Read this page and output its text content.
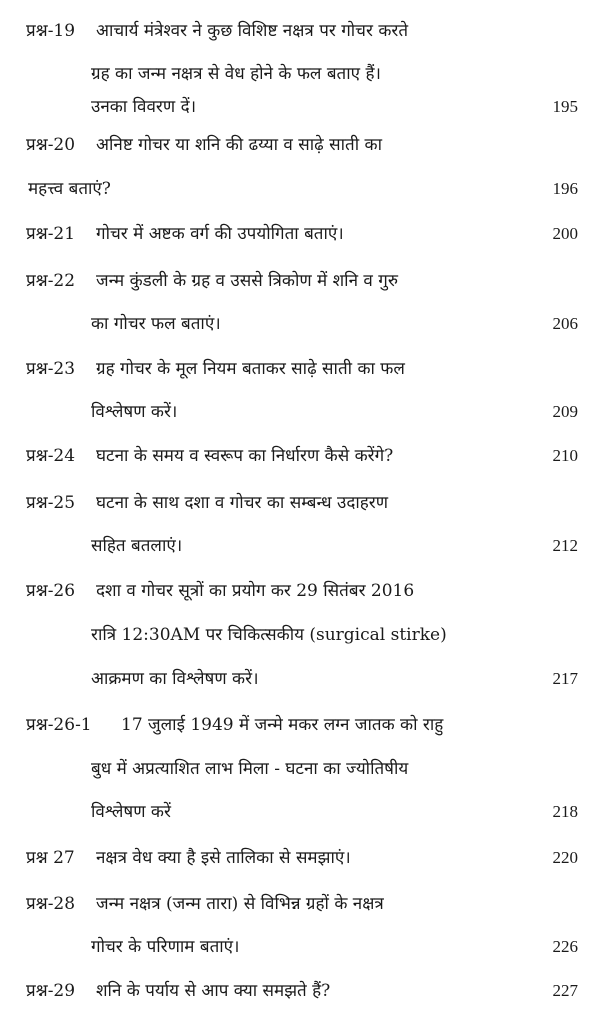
प्रश्न-19 आचार्य मंत्रेश्वर ने कुछ विशिष्ट नक्षत्र पर गोचर करते
ग्रह का जन्म नक्षत्र से वेध होने के फल बताए हैं।
उनका विवरण दें।	195
प्रश्न-20 अनिष्ट गोचर या शनि की ढय्या व साढ़े साती का
महत्त्व बताएं?	196
प्रश्न-21 गोचर में अष्टक वर्ग की उपयोगिता बताएं।	200
प्रश्न-22 जन्म कुंडली के ग्रह व उससे त्रिकोण में शनि व गुरु
का गोचर फल बताएं।	206
प्रश्न-23 ग्रह गोचर के मूल नियम बताकर साढ़े साती का फल
विश्लेषण करें।	209
प्रश्न-24 घटना के समय व स्वरूप का निर्धारण कैसे करेंगे?	210
प्रश्न-25 घटना के साथ दशा व गोचर का सम्बन्ध उदाहरण
सहित बतलाएं।	212
प्रश्न-26 दशा व गोचर सूत्रों का प्रयोग कर 29 सितंबर 2016
रात्रि 12:30AM पर चिकित्सकीय (surgical stirke)
आक्रमण का विश्लेषण करें।	217
प्रश्न-26-1 17 जुलाई 1949 में जन्मे मकर लग्न जातक को राहु
बुध में अप्रत्याशित लाभ मिला - घटना का ज्योतिषीय
विश्लेषण करें	218
प्रश्न 27 नक्षत्र वेध क्या है इसे तालिका से समझाएं।	220
प्रश्न-28 जन्म नक्षत्र (जन्म तारा) से विभिन्न ग्रहों के नक्षत्र
गोचर के परिणाम बताएं।	226
प्रश्न-29 शनि के पर्याय से आप क्या समझते हैं?	227
